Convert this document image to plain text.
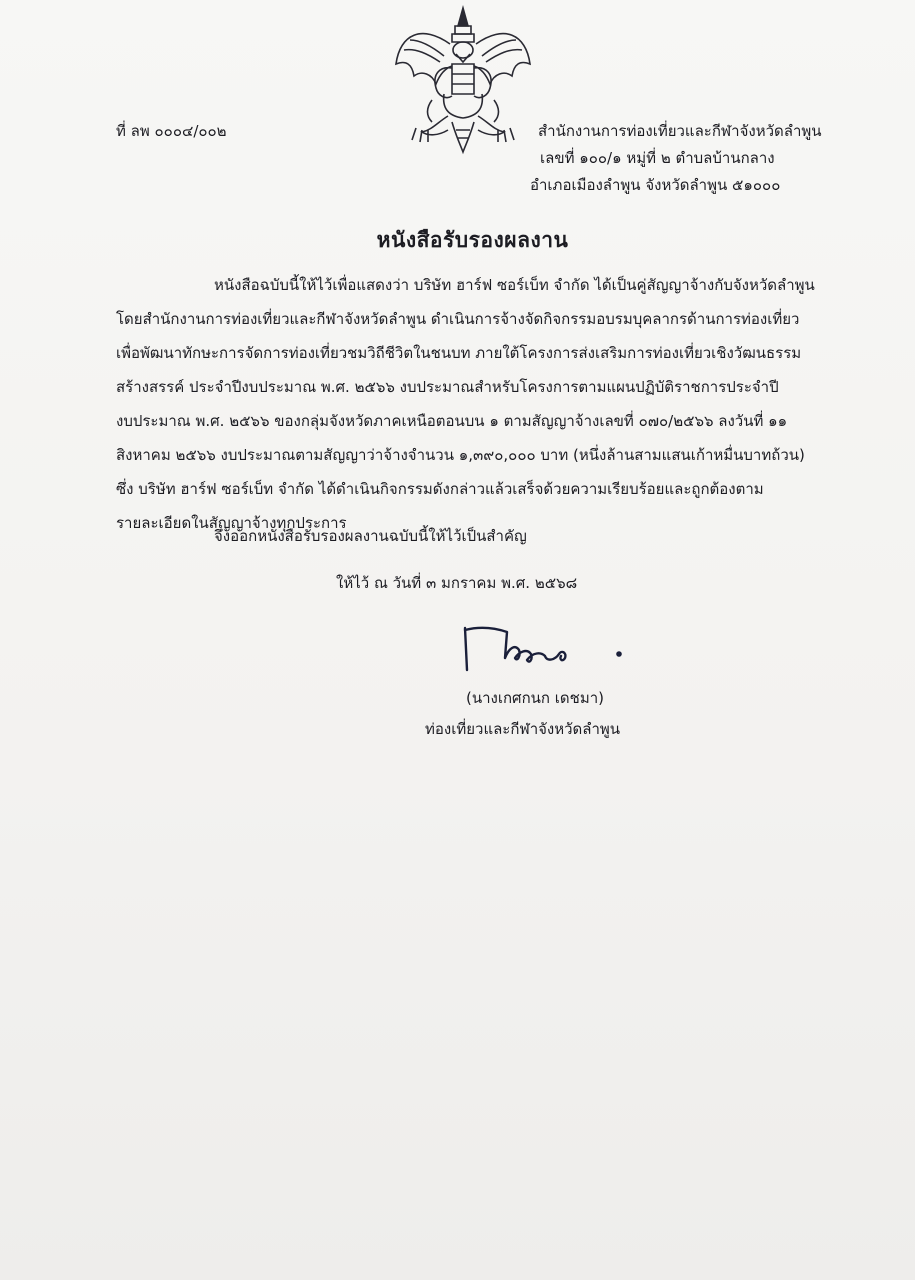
ที่ ลพ ๐๐๐๔/๐๐๒	สำนักงานการท่องเที่ยวและกีฬาจังหวัดลำพูน
เลขที่ ๑๐๐/๑ หมู่ที่ ๒ ตำบลบ้านกลาง
อำเภอเมืองลำพูน จังหวัดลำพูน ๕๑๐๐๐
หนังสือรับรองผลงาน
หนังสือฉบับนี้ให้ไว้เพื่อแสดงว่า บริษัท ฮาร์ฟ ซอร์เบ็ท จำกัด ได้เป็นคู่สัญญาจ้างกับจังหวัดลำพูน
โดยสำนักงานการท่องเที่ยวและกีฬาจังหวัดลำพูน ดำเนินการจ้างจัดกิจกรรมอบรมบุคลากรด้านการท่องเที่ยว
เพื่อพัฒนาทักษะการจัดการท่องเที่ยวชมวิถีชีวิตในชนบท ภายใต้โครงการส่งเสริมการท่องเที่ยวเชิงวัฒนธรรม
สร้างสรรค์ ประจำปีงบประมาณ พ.ศ. ๒๕๖๖ งบประมาณสำหรับโครงการตามแผนปฏิบัติราชการประจำปี
งบประมาณ พ.ศ. ๒๕๖๖ ของกลุ่มจังหวัดภาคเหนือตอนบน ๑ ตามสัญญาจ้างเลขที่ ๐๗๐/๒๕๖๖ ลงวันที่ ๑๑
สิงหาคม ๒๕๖๖ งบประมาณตามสัญญาว่าจ้างจำนวน ๑,๓๙๐,๐๐๐ บาท (หนึ่งล้านสามแสนเก้าหมื่นบาทถ้วน)
ซึ่ง บริษัท ฮาร์ฟ ซอร์เบ็ท จำกัด ได้ดำเนินกิจกรรมดังกล่าวแล้วเสร็จด้วยความเรียบร้อยและถูกต้องตาม
รายละเอียดในสัญญาจ้างทุกประการ
จึงออกหนังสือรับรองผลงานฉบับนี้ให้ไว้เป็นสำคัญ
ให้ไว้ ณ วันที่ ๓ มกราคม พ.ศ. ๒๕๖๘
(นางเกศกนก เดชมา)
ท่องเที่ยวและกีฬาจังหวัดลำพูน
